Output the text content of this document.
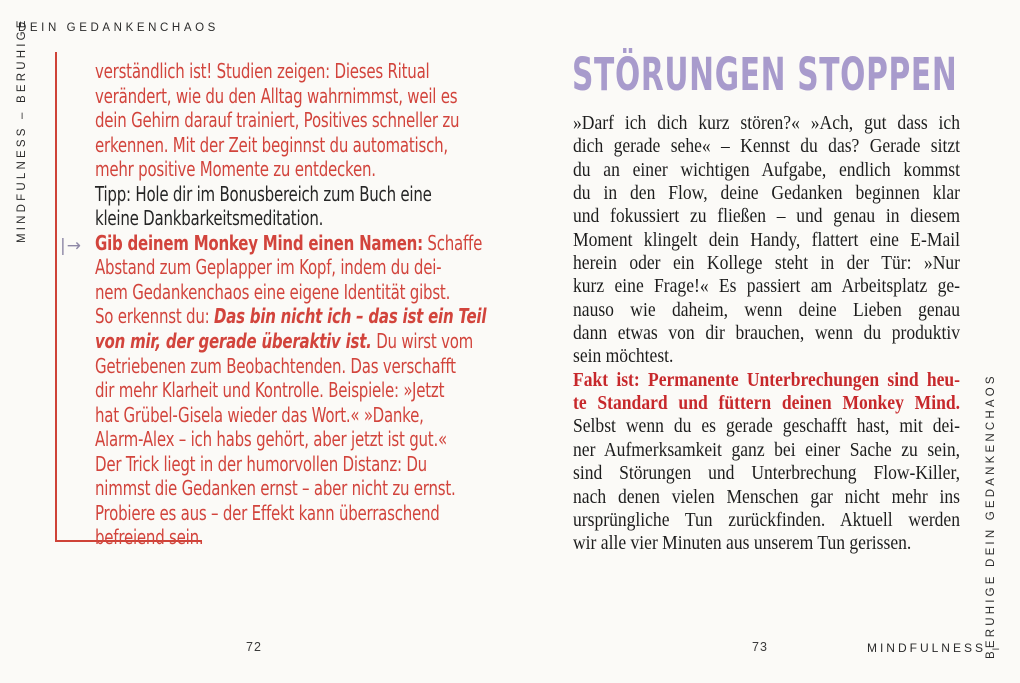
DEIN GEDANKENCHAOS
MINDFULNESS – BERUHIGE
|→
verständlich ist! Studien zeigen: Dieses Ritual
verändert, wie du den Alltag wahrnimmst, weil es
dein Gehirn darauf trainiert, Positives schneller zu
erkennen. Mit der Zeit beginnst du automatisch,
mehr positive Momente zu entdecken.
Tipp: Hole dir im Bonusbereich zum Buch eine
kleine Dankbarkeitsmeditation.
Gib deinem Monkey Mind einen Namen: Schaffe
Abstand zum Geplapper im Kopf, indem du dei-
nem Gedankenchaos eine eigene Identität gibst.
So erkennst du: Das bin nicht ich – das ist ein Teil
von mir, der gerade überaktiv ist. Du wirst vom
Getriebenen zum Beobachtenden. Das verschafft
dir mehr Klarheit und Kontrolle. Beispiele: »Jetzt
hat Grübel-Gisela wieder das Wort.« »Danke,
Alarm-Alex – ich habs gehört, aber jetzt ist gut.«
Der Trick liegt in der humorvollen Distanz: Du
nimmst die Gedanken ernst – aber nicht zu ernst.
Probiere es aus – der Effekt kann überraschend
befreiend sein.
72
STÖRUNGEN STOPPEN
»Darf ich dich kurz stören?« »Ach, gut dass ich
dich gerade sehe« – Kennst du das? Gerade sitzt
du an einer wichtigen Aufgabe, endlich kommst
du in den Flow, deine Gedanken beginnen klar
und fokussiert zu fließen – und genau in diesem
Moment klingelt dein Handy, flattert eine E-Mail
herein oder ein Kollege steht in der Tür: »Nur
kurz eine Frage!« Es passiert am Arbeitsplatz ge-
nauso wie daheim, wenn deine Lieben genau
dann etwas von dir brauchen, wenn du produktiv
sein möchtest.
Fakt ist: Permanente Unterbrechungen sind heu-
te Standard und füttern deinen Monkey Mind.
Selbst wenn du es gerade geschafft hast, mit dei-
ner Aufmerksamkeit ganz bei einer Sache zu sein,
sind Störungen und Unterbrechung Flow-Killer,
nach denen vielen Menschen gar nicht mehr ins
ursprüngliche Tun zurückfinden. Aktuell werden
wir alle vier Minuten aus unserem Tun gerissen.	BERUHIGE DEIN GEDANKENCHAOS
73	MINDFULNESS –
